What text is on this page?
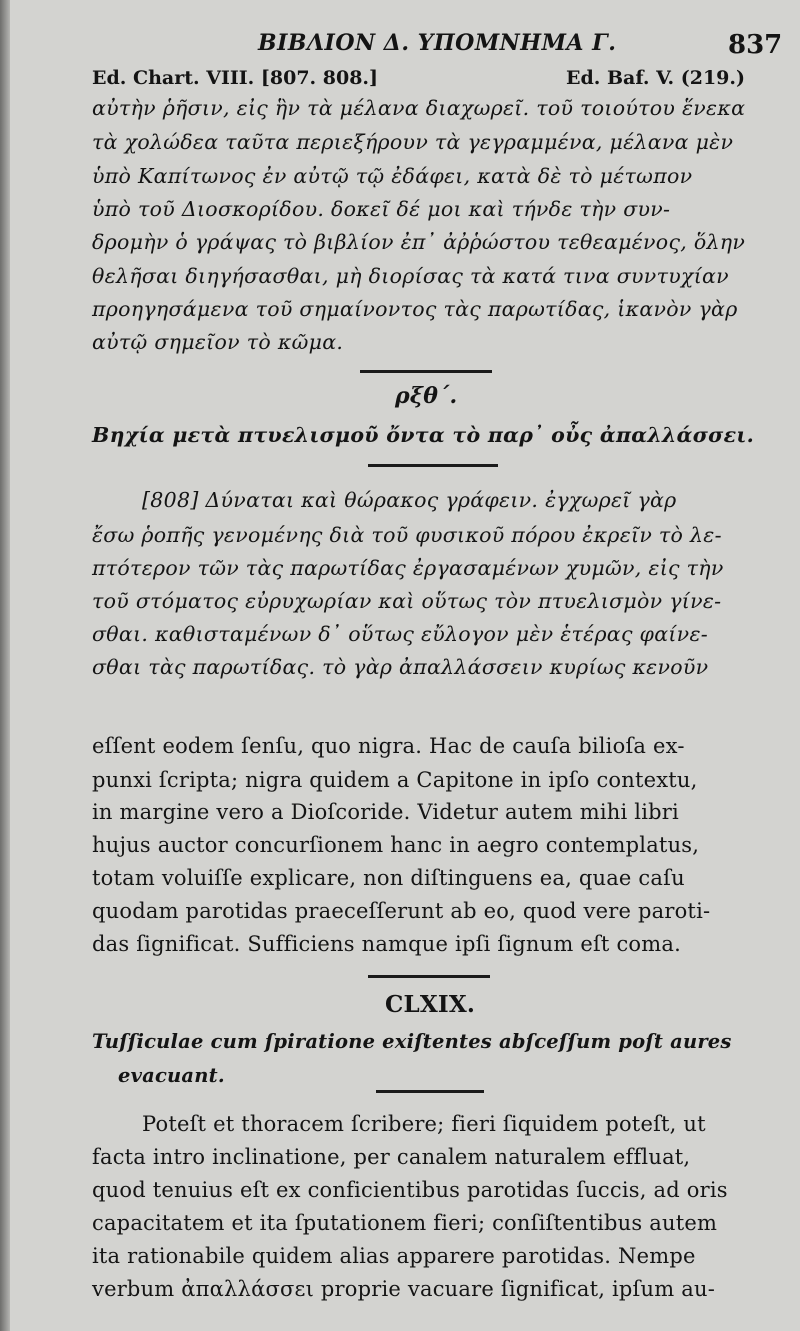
ΒΙΒΛΙΟΝ Δ. ΥΠΟΜΝΗΜΑ Γ.	837
Ed. Chart. VIII. [807. 808.]	Ed. Baf. V. (219.)
αὐτὴν ῥῆσιν, εἰς ἣν τὰ μέλανα διαχωρεῖ. τοῦ τοιούτου ἕνεκα
τὰ χολώδεα ταῦτα περιεξήρουν τὰ γεγραμμένα, μέλανα μὲν
ὑπὸ Καπίτωνος ἐν αὐτῷ τῷ ἐδάφει, κατὰ δὲ τὸ μέτωπον
ὑπὸ τοῦ Διοσκορίδου. δοκεῖ δέ μοι καὶ τήνδε τὴν συν-
δρομὴν ὁ γράψας τὸ βιβλίον ἐπ᾽ ἀῤῥώστου τεθεαμένος, ὅλην
θελῆσαι διηγήσασθαι, μὴ διορίσας τὰ κατά τινα συντυχίαν
προηγησάμενα τοῦ σημαίνοντος τὰς παρωτίδας, ἱκανὸν γὰρ
αὐτῷ σημεῖον τὸ κῶμα.
ρξθ΄.
Βηχία μετὰ πτυελισμοῦ ὄντα τὸ παρ᾽ οὖς ἀπαλλάσσει.
[808] Δύναται καὶ θώρακος γράφειν. ἐγχωρεῖ γὰρ
ἔσω ῥοπῆς γενομένης διὰ τοῦ φυσικοῦ πόρου ἐκρεῖν τὸ λε-
πτότερον τῶν τὰς παρωτίδας ἐργασαμένων χυμῶν, εἰς τὴν
τοῦ στόματος εὐρυχωρίαν καὶ οὕτως τὸν πτυελισμὸν γίνε-
σθαι. καθισταμένων δ᾽ οὕτως εὔλογον μὲν ἑτέρας φαίνε-
σθαι τὰς παρωτίδας. τὸ γὰρ ἀπαλλάσσειν κυρίως κενοῦν
eſſent eodem ſenſu, quo nigra. Hac de cauſa bilioſa ex-
punxi ſcripta; nigra quidem a Capitone in ipſo contextu,
in margine vero a Dioſcoride. Videtur autem mihi libri
hujus auctor concurſionem hanc in aegro contemplatus,
totam voluiſſe explicare, non diſtinguens ea, quae caſu
quodam parotidas praeceſſerunt ab eo, quod vere paroti-
das ſignificat. Sufficiens namque ipſi ſignum eſt coma.
CLXIX.
Tuſſiculae cum ſpiratione exiſtentes abſceſſum poſt aures
evacuant.
Poteſt et thoracem ſcribere; fieri ſiquidem poteſt, ut
facta intro inclinatione, per canalem naturalem effluat,
quod tenuius eſt ex conficientibus parotidas ſuccis, ad oris
capacitatem et ita ſputationem fieri; conſiſtentibus autem
ita rationabile quidem alias apparere parotidas. Nempe
verbum ἀπαλλάσσει proprie vacuare ſignificat, ipſum au-
